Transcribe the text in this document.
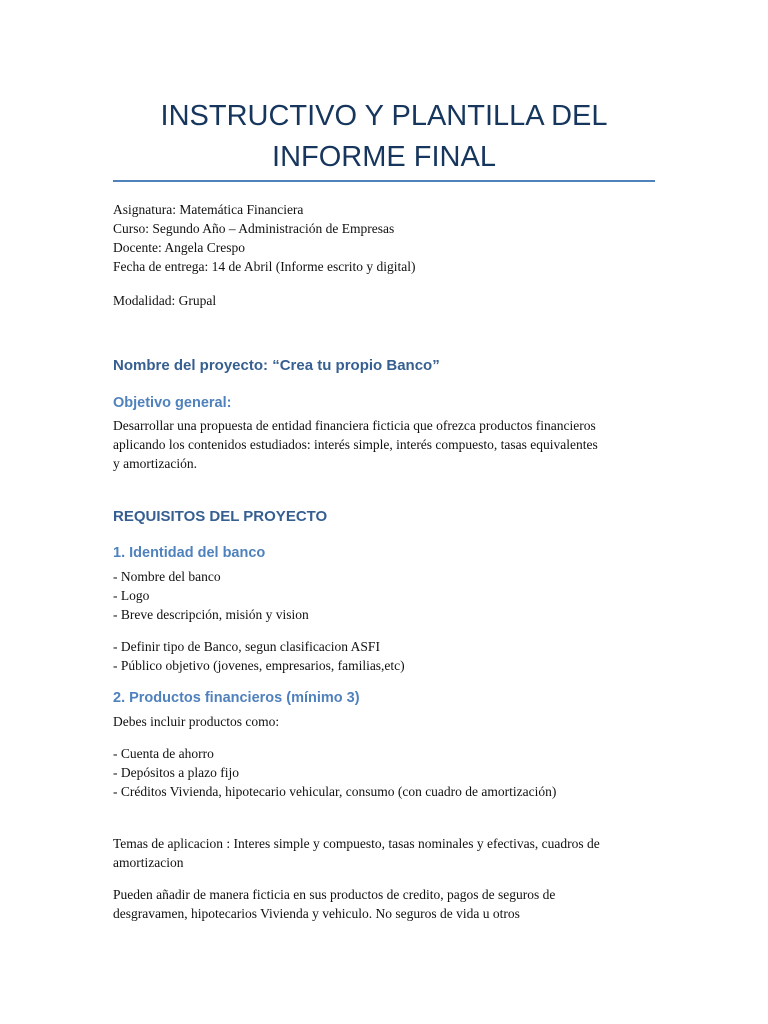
INSTRUCTIVO Y PLANTILLA DEL
INFORME FINAL
Asignatura: Matemática Financiera
Curso: Segundo Año – Administración de Empresas
Docente: Angela Crespo
Fecha de entrega: 14 de Abril (Informe escrito y digital)
Modalidad: Grupal
Nombre del proyecto: “Crea tu propio Banco”
Objetivo general:
Desarrollar una propuesta de entidad financiera ficticia que ofrezca productos financieros
aplicando los contenidos estudiados: interés simple, interés compuesto, tasas equivalentes
y amortización.
REQUISITOS DEL PROYECTO
1. Identidad del banco
- Nombre del banco
- Logo
- Breve descripción, misión y vision
- Definir tipo de Banco, segun clasificacion ASFI
- Público objetivo (jovenes, empresarios, familias,etc)
2. Productos financieros (mínimo 3)
Debes incluir productos como:
- Cuenta de ahorro
- Depósitos a plazo fijo
- Créditos Vivienda, hipotecario vehicular, consumo (con cuadro de amortización)
Temas de aplicacion : Interes simple y compuesto, tasas nominales y efectivas, cuadros de
amortizacion
Pueden añadir de manera ficticia en sus productos de credito, pagos de seguros de
desgravamen, hipotecarios Vivienda y vehiculo. No seguros de vida u otros
